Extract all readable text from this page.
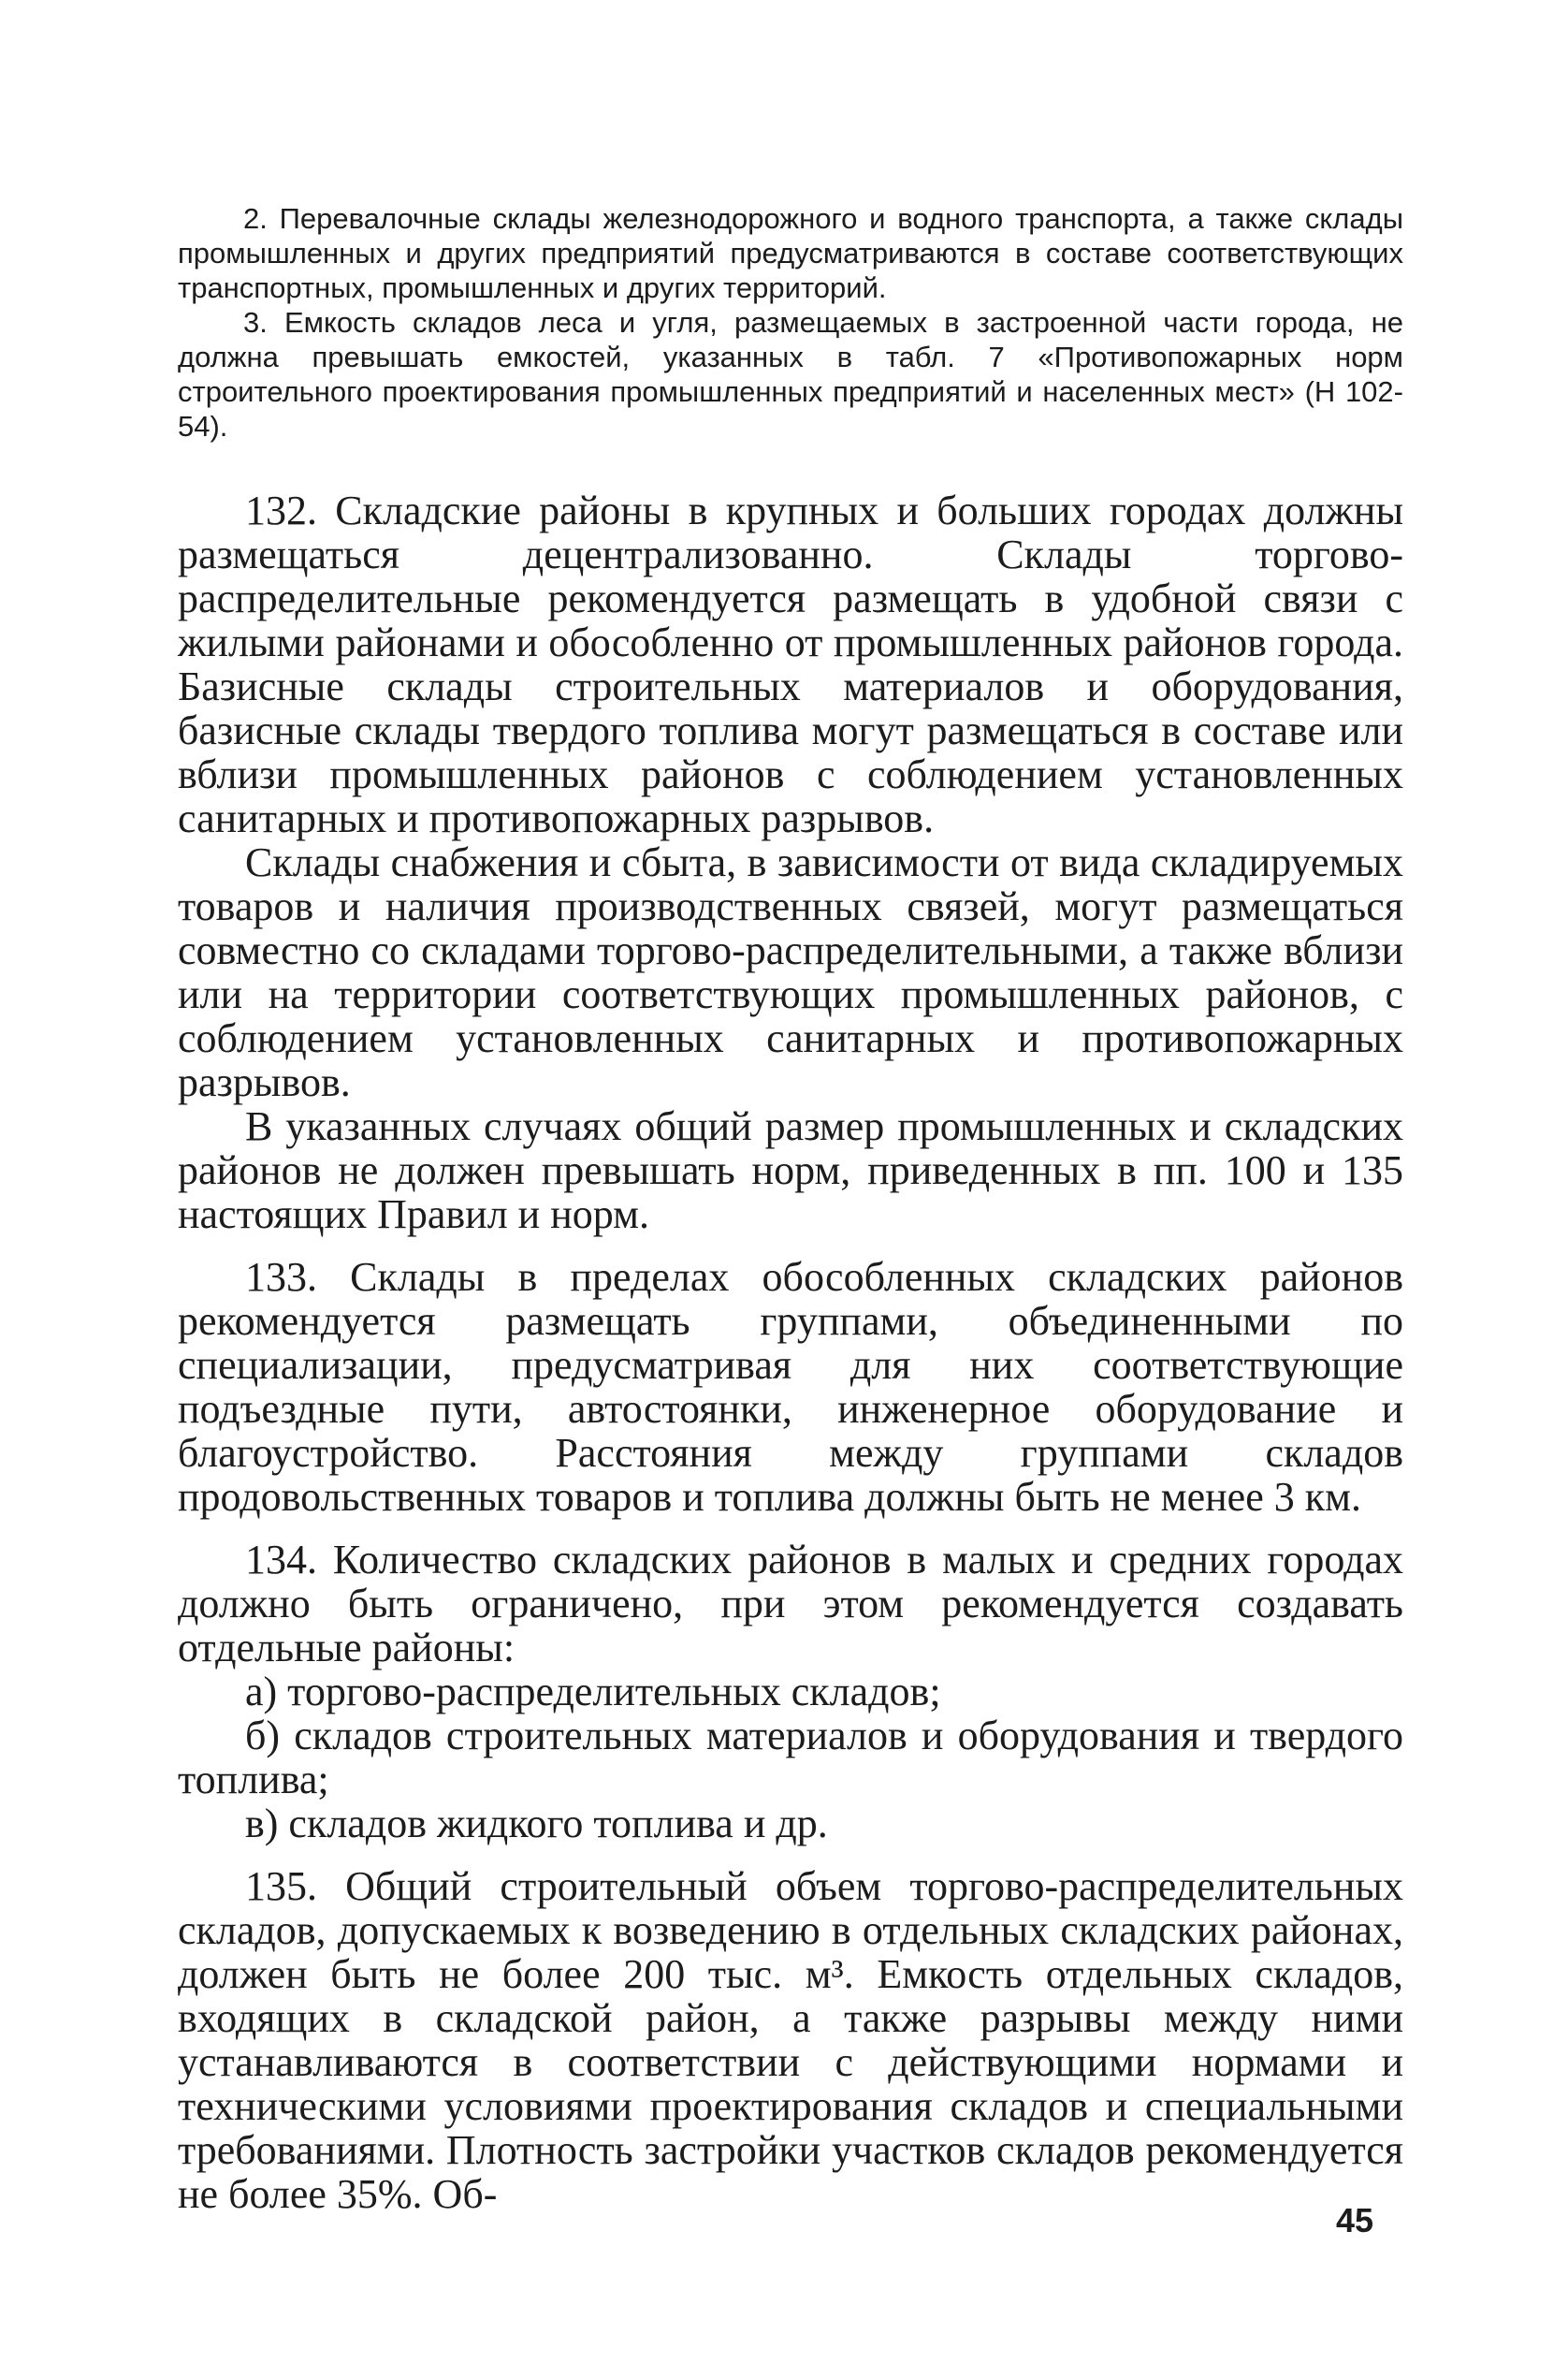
2. Перевалочные склады железнодорожного и водного транспорта, а также склады промышленных и других предприятий предусматриваются в составе соответствующих транспортных, промышленных и других территорий.

3. Емкость складов леса и угля, размещаемых в застроенной части города, не должна превышать емкостей, указанных в табл. 7 «Противопожарных норм строительного проектирования промышленных предприятий и населенных мест» (Н 102-54).

132. Складские районы в крупных и больших городах должны размещаться децентрализованно. Склады торгово-распределительные рекомендуется размещать в удобной связи с жилыми районами и обособленно от промышленных районов города. Базисные склады строительных материалов и оборудования, базисные склады твердого топлива могут размещаться в составе или вблизи промышленных районов с соблюдением установленных санитарных и противопожарных разрывов.

Склады снабжения и сбыта, в зависимости от вида складируемых товаров и наличия производственных связей, могут размещаться совместно со складами торгово-распределительными, а также вблизи или на территории соответствующих промышленных районов, с соблюдением установленных санитарных и противопожарных разрывов.

В указанных случаях общий размер промышленных и складских районов не должен превышать норм, приведенных в пп. 100 и 135 настоящих Правил и норм.

133. Склады в пределах обособленных складских районов рекомендуется размещать группами, объединенными по специализации, предусматривая для них соответствующие подъездные пути, автостоянки, инженерное оборудование и благоустройство. Расстояния между группами складов продовольственных товаров и топлива должны быть не менее 3 км.

134. Количество складских районов в малых и средних городах должно быть ограничено, при этом рекомендуется создавать отдельные районы:

а) торгово-распределительных складов;

б) складов строительных материалов и оборудования и твердого топлива;

в) складов жидкого топлива и др.

135. Общий строительный объем торгово-распределительных складов, допускаемых к возведению в отдельных складских районах, должен быть не более 200 тыс. м³. Емкость отдельных складов, входящих в складской район, а также разрывы между ними устанавливаются в соответствии с действующими нормами и техническими условиями проектирования складов и специальными требованиями. Плотность застройки участков складов рекомендуется не более 35%. Об-

45
